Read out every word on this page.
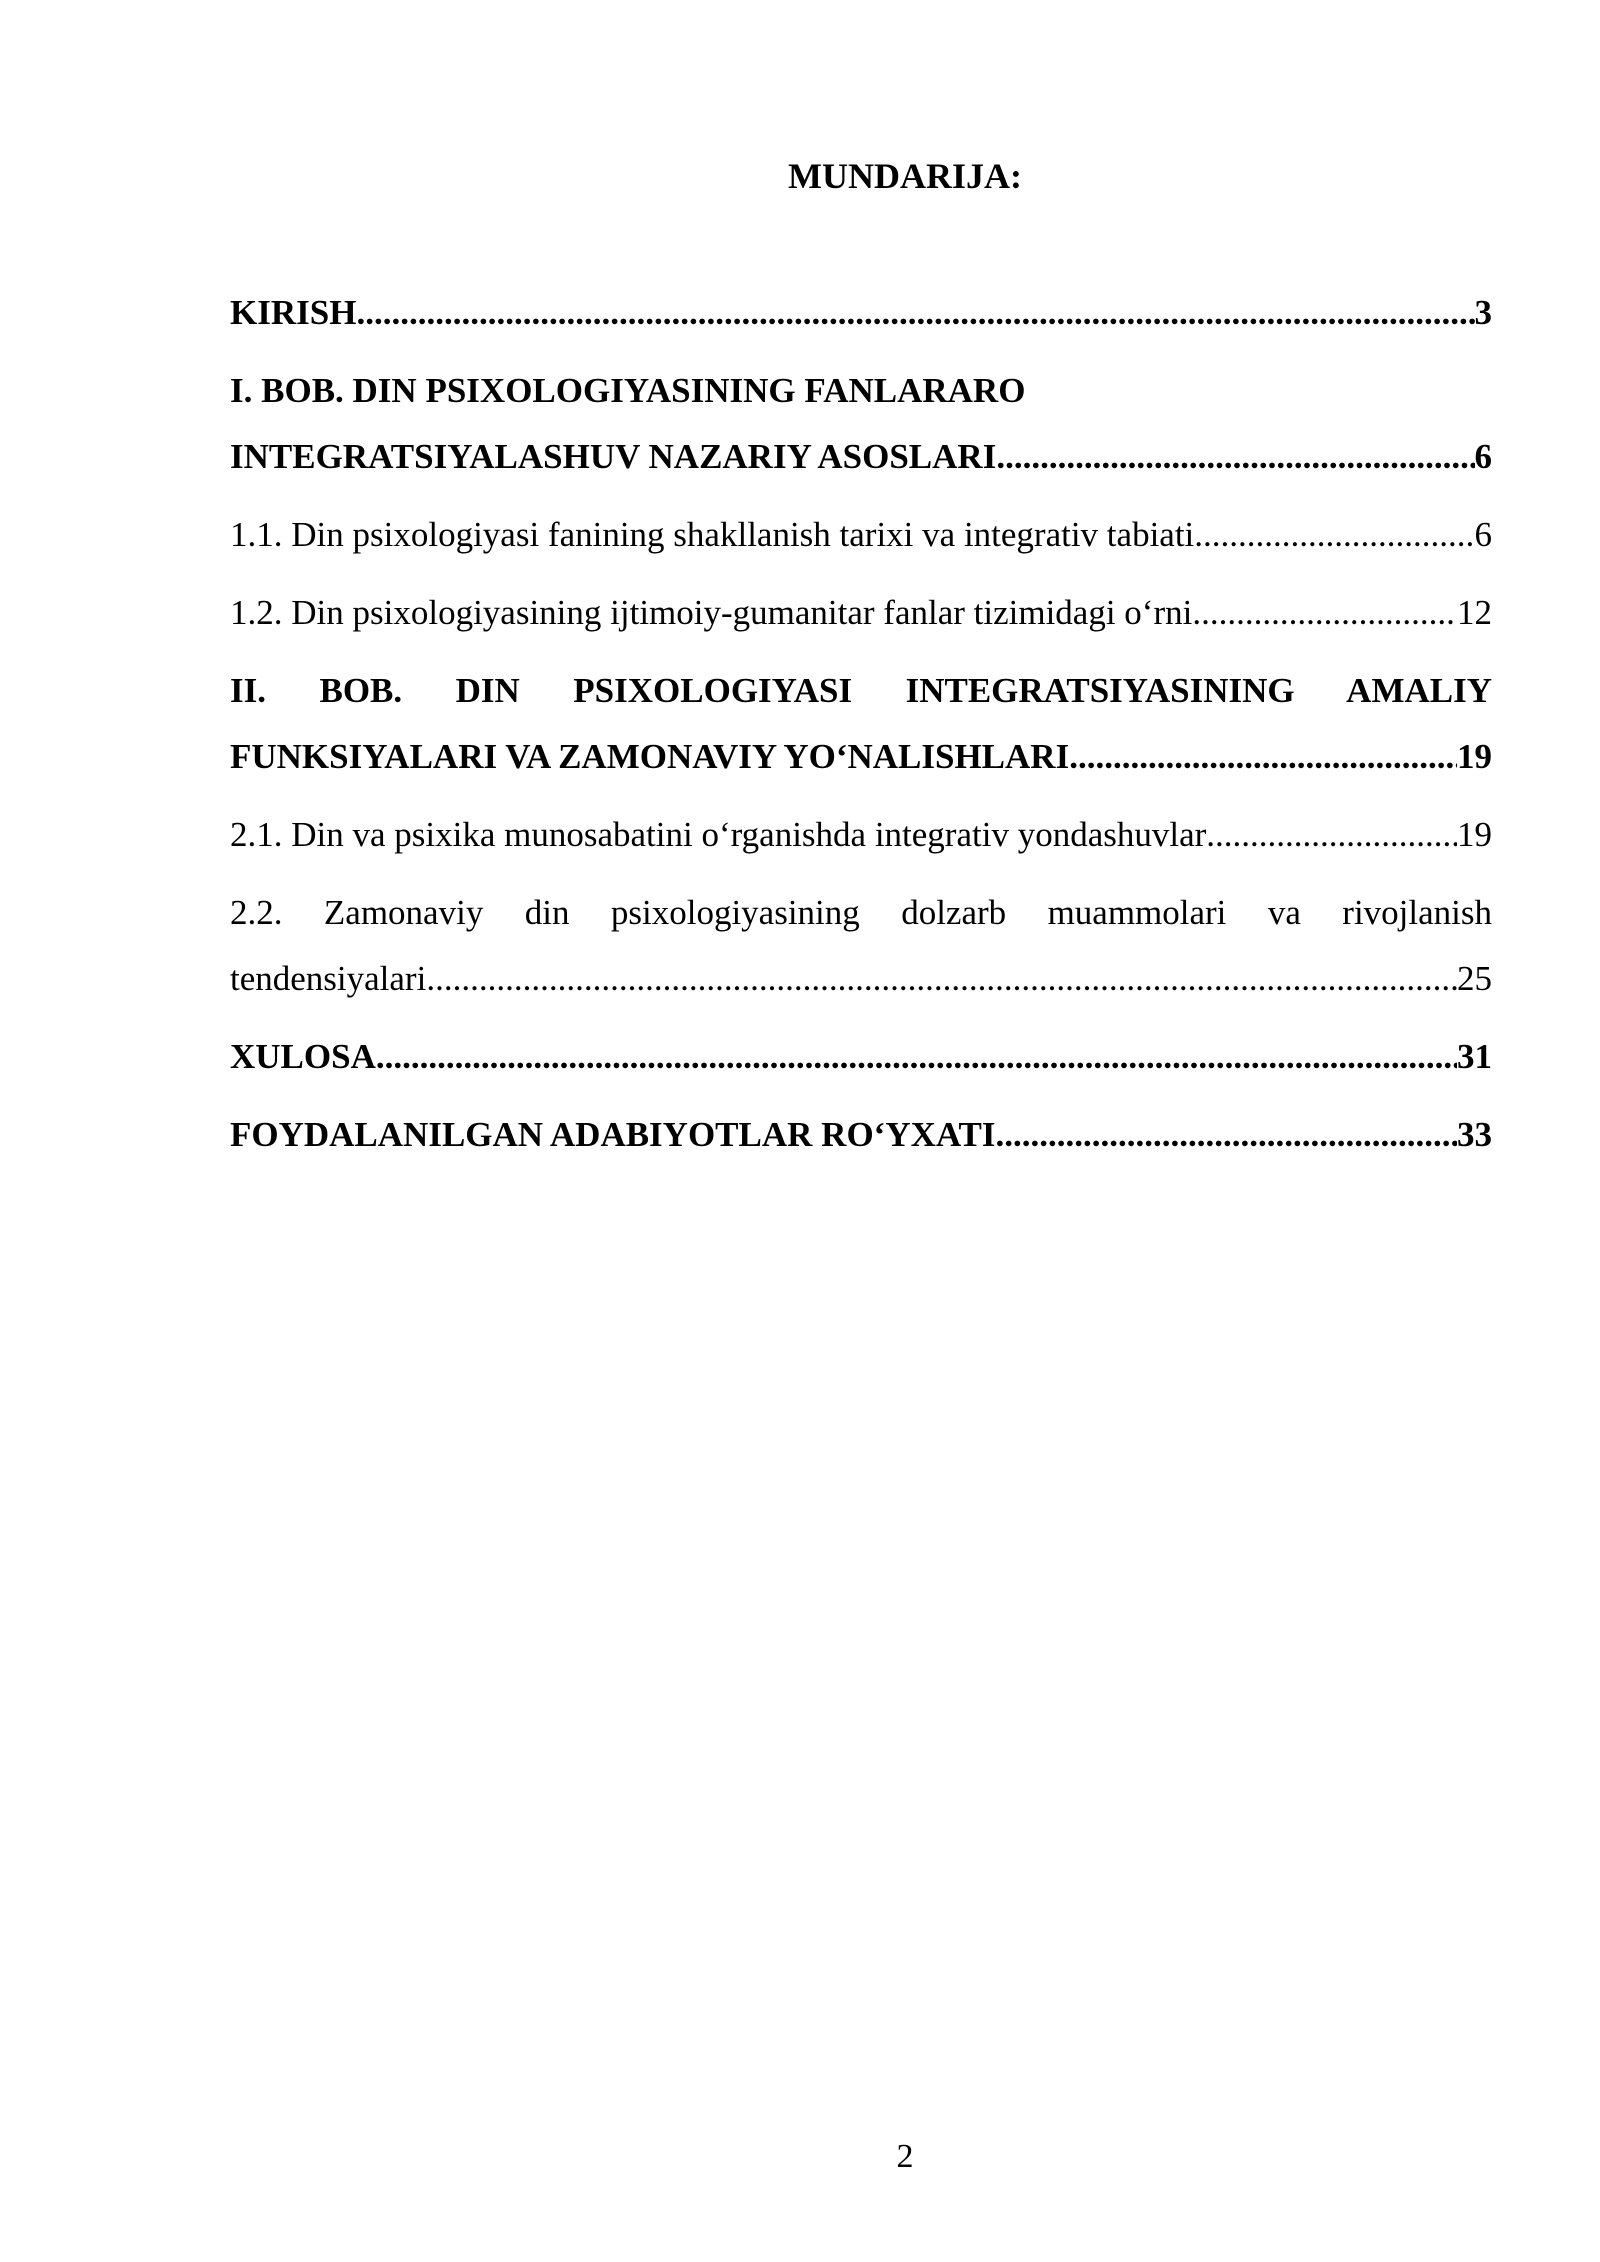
MUNDARIJA:
KIRISH .....	3
I. BOB. DIN PSIXOLOGIYASINING FANLARARO
INTEGRATSIYALASHUV NAZARIY ASOSLARI .....	6
1.1. Din psixologiyasi fanining shakllanish tarixi va integrativ tabiati .....	6
1.2. Din psixologiyasining ijtimoiy-gumanitar fanlar tizimidagi o‘rni .....	12
II. BOB. DIN PSIXOLOGIYASI INTEGRATSIYASINING AMALIY
FUNKSIYALARI VA ZAMONAVIY YO‘NALISHLARI .....	19
2.1. Din va psixika munosabatini o‘rganishda integrativ yondashuvlar .....	19
2.2. Zamonaviy din psixologiyasining dolzarb muammolari va rivojlanish
tendensiyalari .....	25
XULOSA .....	31
FOYDALANILGAN ADABIYOTLAR RO‘YXATI .....	33
2
